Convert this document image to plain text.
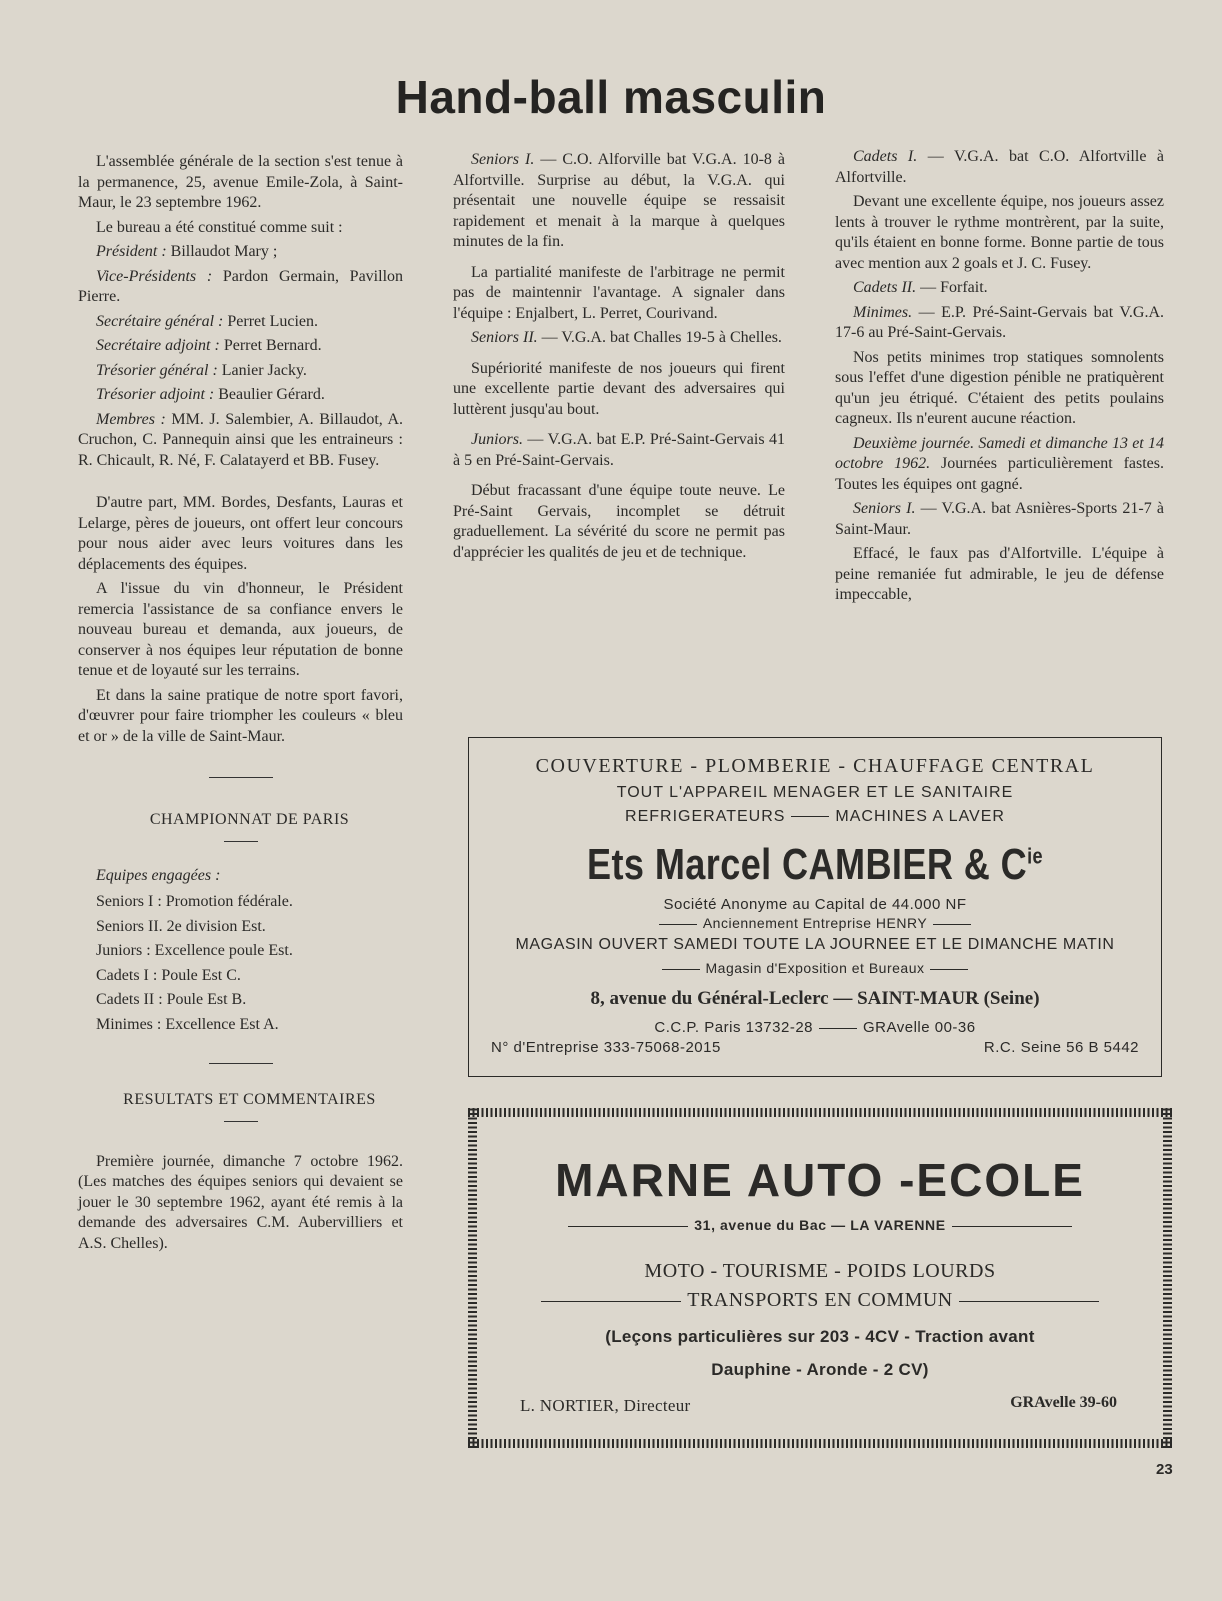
Hand-ball masculin

L'assemblée générale de la section s'est tenue à la permanence, 25, avenue Emile-Zola, à Saint-Maur, le 23 septembre 1962.

Le bureau a été constitué comme suit :

Président : Billaudot Mary ;
Vice-Présidents : Pardon Germain, Pavillon Pierre.
Secrétaire général : Perret Lucien.
Secrétaire adjoint : Perret Bernard.
Trésorier général : Lanier Jacky.
Trésorier adjoint : Beaulier Gérard.
Membres : MM. J. Salembier, A. Billaudot, A. Cruchon, C. Pannequin ainsi que les entraineurs : R. Chicault, R. Né, F. Calatayerd et BB. Fusey.

D'autre part, MM. Bordes, Desfants, Lauras et Lelarge, pères de joueurs, ont offert leur concours pour nous aider avec leurs voitures dans les déplacements des équipes.

A l'issue du vin d'honneur, le Président remercia l'assistance de sa confiance envers le nouveau bureau et demanda, aux joueurs, de conserver à nos équipes leur réputation de bonne tenue et de loyauté sur les terrains.

Et dans la saine pratique de notre sport favori, d'œuvrer pour faire triompher les couleurs « bleu et or » de la ville de Saint-Maur.

CHAMPIONNAT DE PARIS

Equipes engagées :

Seniors I : Promotion fédérale.

Seniors II. 2e division Est.

Juniors : Excellence poule Est.

Cadets I : Poule Est C.

Cadets II : Poule Est B.

Minimes : Excellence Est A.

RESULTATS ET COMMENTAIRES

Première journée, dimanche 7 octobre 1962. (Les matches des équipes seniors qui devaient se jouer le 30 septembre 1962, ayant été remis à la demande des adversaires C.M. Aubervilliers et A.S. Chelles).

Seniors I. — C.O. Alforville bat V.G.A. 10-8 à Alfortville. Surprise au début, la V.G.A. qui présentait une nouvelle équipe se ressaisit rapidement et menait à la marque à quelques minutes de la fin.

La partialité manifeste de l'arbitrage ne permit pas de maintennir l'avantage. A signaler dans l'équipe : Enjalbert, L. Perret, Courivand.

Seniors II. — V.G.A. bat Challes 19-5 à Chelles.

Supériorité manifeste de nos joueurs qui firent une excellente partie devant des adversaires qui luttèrent jusqu'au bout.

Juniors. — V.G.A. bat E.P. Pré-Saint-Gervais 41 à 5 en Pré-Saint-Gervais.

Début fracassant d'une équipe toute neuve. Le Pré-Saint Gervais, incomplet se détruit graduellement. La sévérité du score ne permit pas d'apprécier les qualités de jeu et de technique.

Cadets I. — V.G.A. bat C.O. Alfortville à Alfortville.

Devant une excellente équipe, nos joueurs assez lents à trouver le rythme montrèrent, par la suite, qu'ils étaient en bonne forme. Bonne partie de tous avec mention aux 2 goals et J. C. Fusey.

Cadets II. — Forfait.

Minimes. — E.P. Pré-Saint-Gervais bat V.G.A. 17-6 au Pré-Saint-Gervais.

Nos petits minimes trop statiques somnolents sous l'effet d'une digestion pénible ne pratiquèrent qu'un jeu étriqué. C'étaient des petits poulains cagneux. Ils n'eurent aucune réaction.

Deuxième journée. Samedi et dimanche 13 et 14 octobre 1962. Journées particulièrement fastes. Toutes les équipes ont gagné.

Seniors I. — V.G.A. bat Asnières-Sports 21-7 à Saint-Maur.

Effacé, le faux pas d'Alfortville. L'équipe à peine remaniée fut admirable, le jeu de défense impeccable,

COUVERTURE - PLOMBERIE - CHAUFFAGE CENTRAL
TOUT L'APPAREIL MENAGER ET LE SANITAIRE
REFRIGERATEURS	MACHINES A LAVER
Ets Marcel CAMBIER & $C^{ie}$
Société Anonyme au Capital de 44.000 NF
Anciennement Entreprise HENRY
MAGASIN OUVERT SAMEDI TOUTE LA JOURNEE ET LE DIMANCHE MATIN
Magasin d'Exposition et Bureaux
8, avenue du Général-Leclerc — SAINT-MAUR (Seine)
C.C.P. Paris 13732-28	GRAvelle 00-36
N° d'Entreprise 333-75068-2015	R.C. Seine 56 B 5442
MARNE AUTO -ECOLE
31, avenue du Bac — LA VARENNE
MOTO - TOURISME - POIDS LOURDS
TRANSPORTS EN COMMUN
(Leçons particulières sur 203 - 4CV - Traction avant
Dauphine - Aronde - 2 CV)
L. NORTIER, Directeur	GRAvelle 39-60
23
